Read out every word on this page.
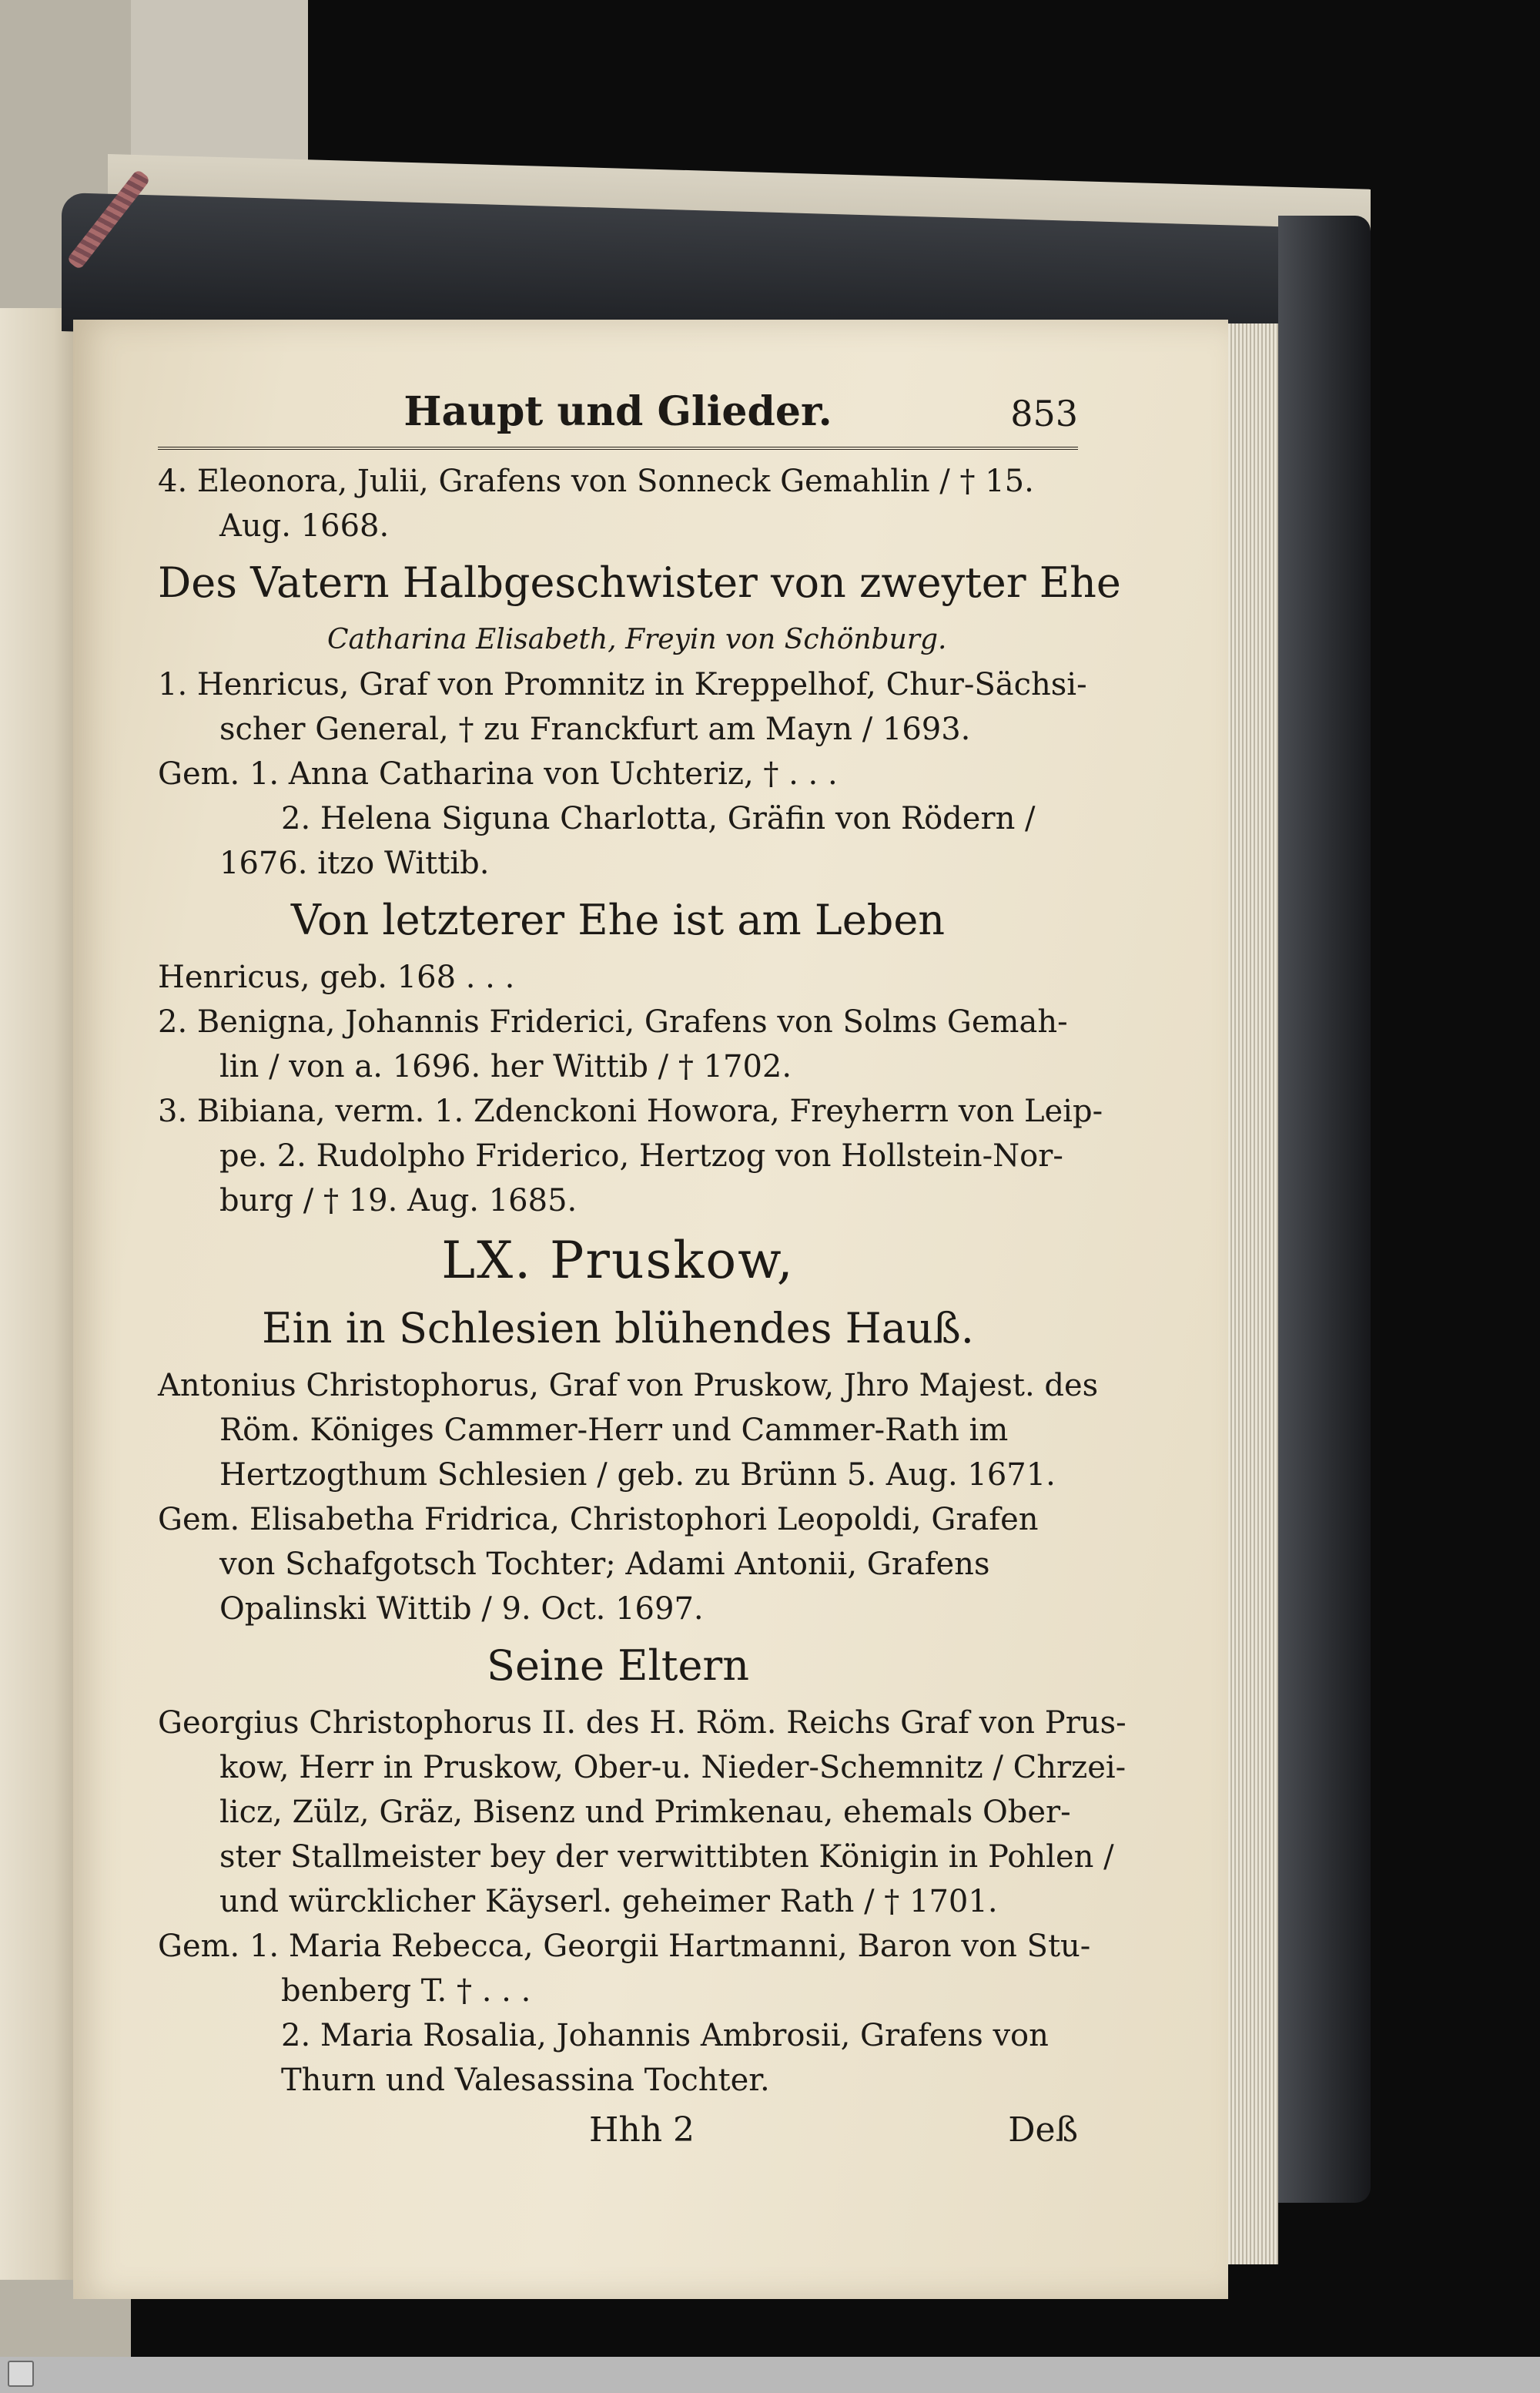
Haupt und Glieder.	853
4. Eleonora, Julii, Grafens von Sonneck Gemahlin / † 15.
Aug. 1668.
Des Vatern Halbgeschwister von zweyter Ehe
Catharina Elisabeth, Freyin von Schönburg.
1. Henricus, Graf von Promnitz in Kreppelhof, Chur-Sächsi-
scher General, † zu Franckfurt am Mayn / 1693.
Gem. 1. Anna Catharina von Uchteriz, † . . .
2. Helena Siguna Charlotta, Gräfin von Rödern /
1676. itzo Wittib.
Von letzterer Ehe ist am Leben
Henricus, geb. 168 . . .
2. Benigna, Johannis Friderici, Grafens von Solms Gemah-
lin / von a. 1696. her Wittib / † 1702.
3. Bibiana, verm. 1. Zdenckoni Howora, Freyherrn von Leip-
pe. 2. Rudolpho Friderico, Hertzog von Hollstein-Nor-
burg / † 19. Aug. 1685.
LX. Pruskow,
Ein in Schlesien blühendes Hauß.
Antonius Christophorus, Graf von Pruskow, Jhro Majest. des
Röm. Königes Cammer-Herr und Cammer-Rath im
Hertzogthum Schlesien / geb. zu Brünn 5. Aug. 1671.
Gem. Elisabetha Fridrica, Christophori Leopoldi, Grafen
von Schafgotsch Tochter; Adami Antonii, Grafens
Opalinski Wittib / 9. Oct. 1697.
Seine Eltern
Georgius Christophorus II. des H. Röm. Reichs Graf von Prus-
kow, Herr in Pruskow, Ober-u. Nieder-Schemnitz / Chrzei-
licz, Zülz, Gräz, Bisenz und Primkenau, ehemals Ober-
ster Stallmeister bey der verwittibten Königin in Pohlen /
und würcklicher Käyserl. geheimer Rath / † 1701.
Gem. 1. Maria Rebecca, Georgii Hartmanni, Baron von Stu-
benberg T. † . . .
2. Maria Rosalia, Johannis Ambrosii, Grafens von
Thurn und Valesassina Tochter.
Hhh 2	Deß
